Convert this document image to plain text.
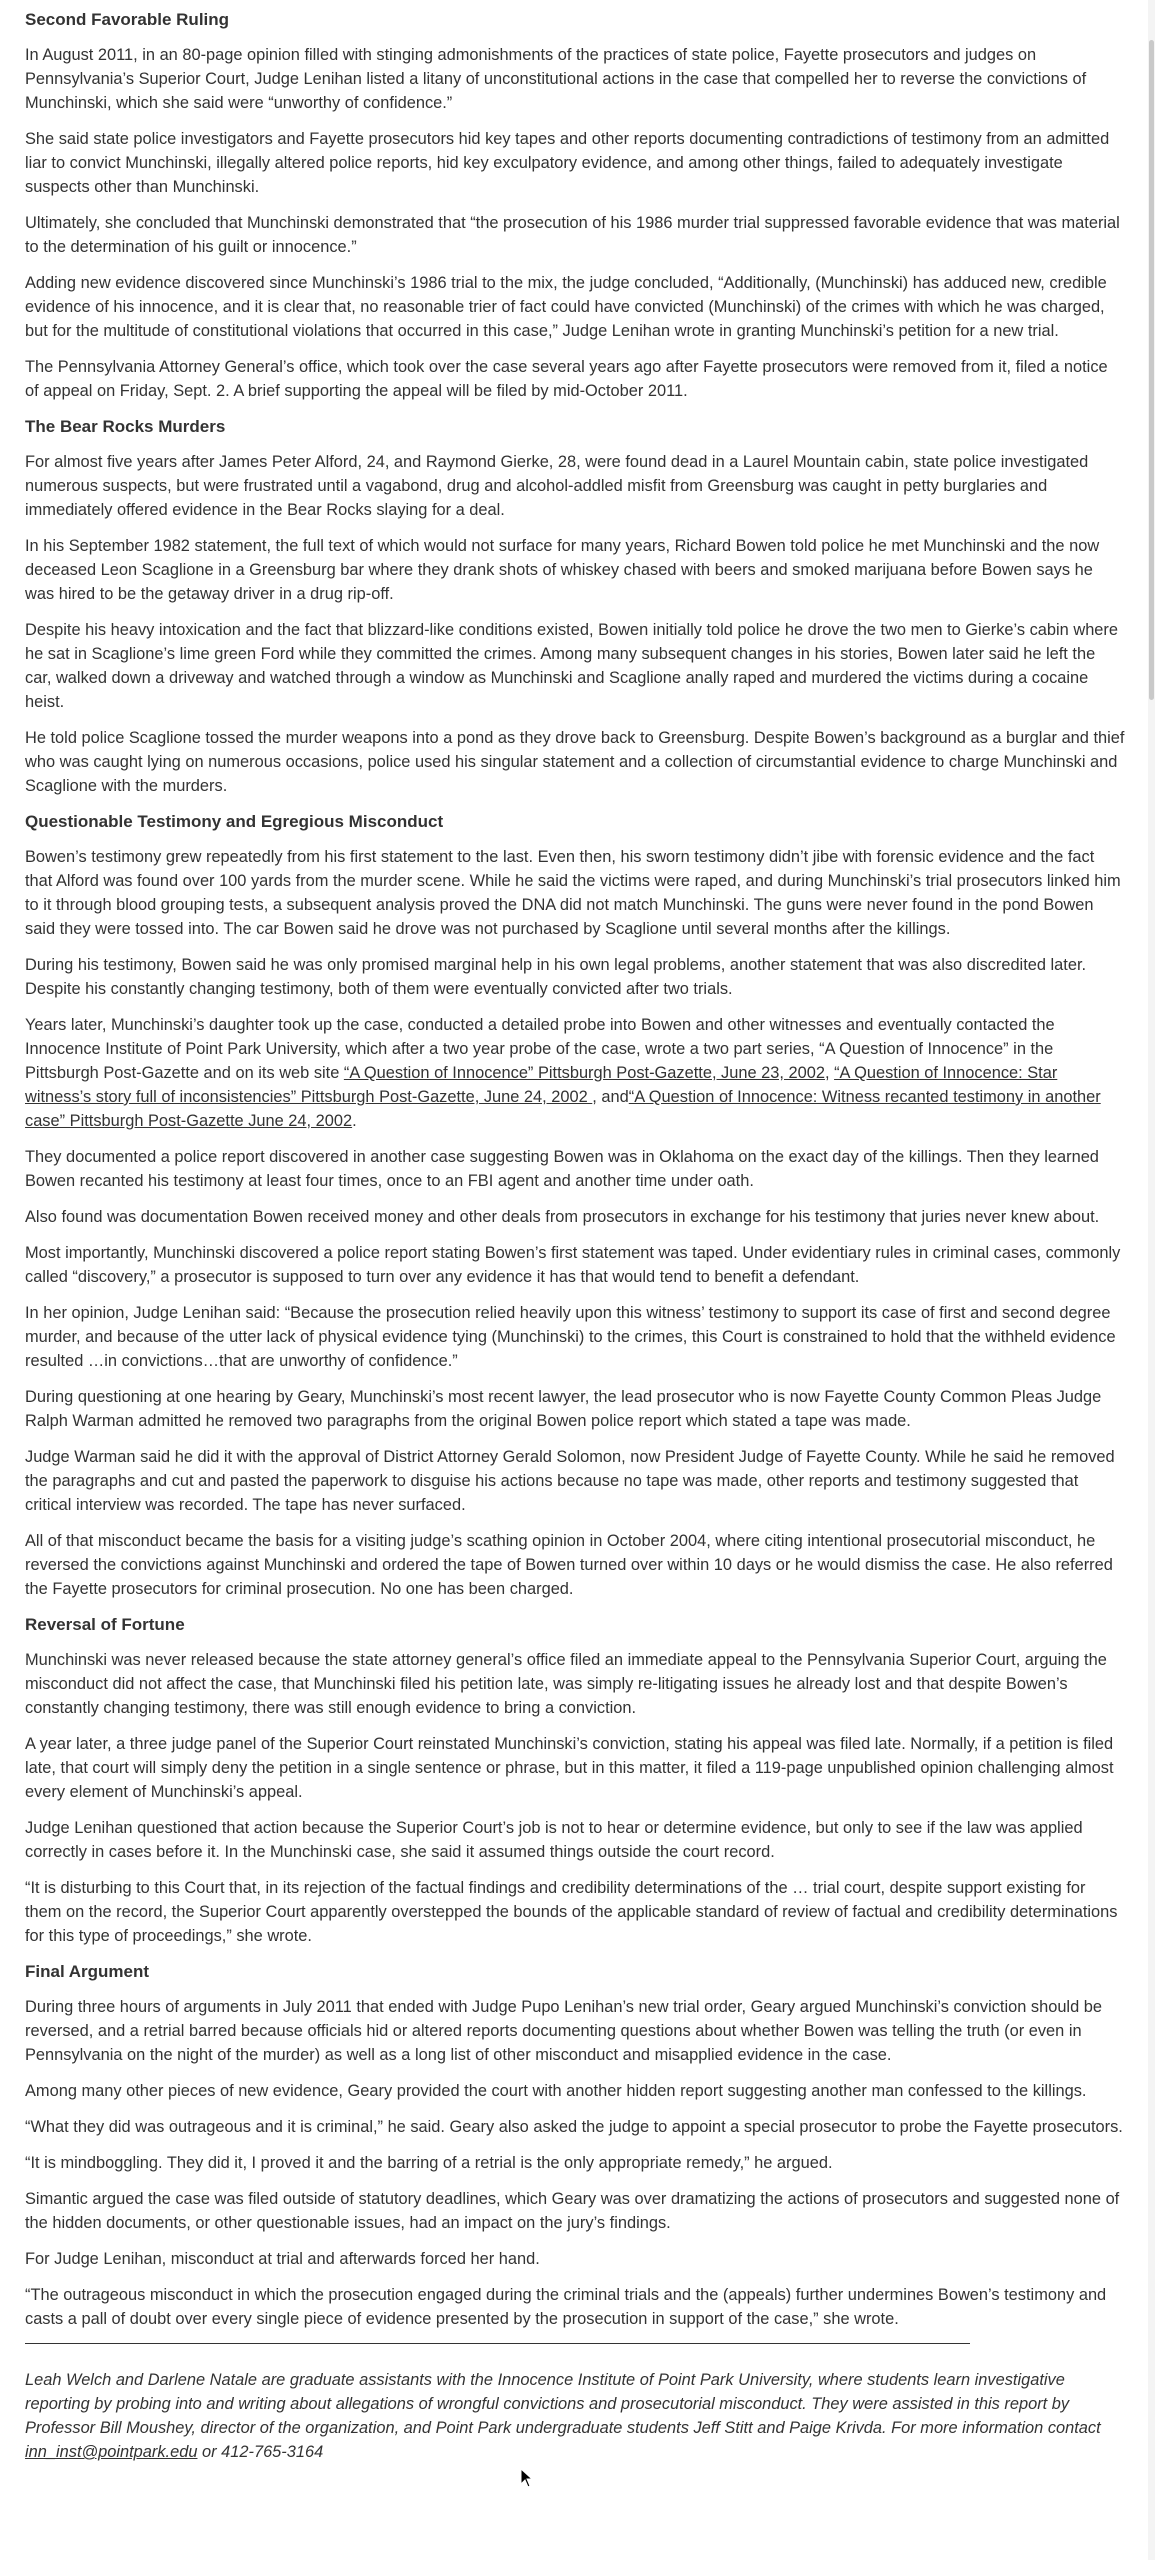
Second Favorable Ruling

In August 2011, in an 80-page opinion filled with stinging admonishments of the practices of state police, Fayette prosecutors and judges on Pennsylvania’s Superior Court, Judge Lenihan listed a litany of unconstitutional actions in the case that compelled her to reverse the convictions of Munchinski, which she said were “unworthy of confidence.”

She said state police investigators and Fayette prosecutors hid key tapes and other reports documenting contradictions of testimony from an admitted liar to convict Munchinski, illegally altered police reports, hid key exculpatory evidence, and among other things, failed to adequately investigate suspects other than Munchinski.

Ultimately, she concluded that Munchinski demonstrated that “the prosecution of his 1986 murder trial suppressed favorable evidence that was material to the determination of his guilt or innocence.”

Adding new evidence discovered since Munchinski’s 1986 trial to the mix, the judge concluded, “Additionally, (Munchinski) has adduced new, credible evidence of his innocence, and it is clear that, no reasonable trier of fact could have convicted (Munchinski) of the crimes with which he was charged, but for the multitude of constitutional violations that occurred in this case,” Judge Lenihan wrote in granting Munchinski’s petition for a new trial.

The Pennsylvania Attorney General’s office, which took over the case several years ago after Fayette prosecutors were removed from it, filed a notice of appeal on Friday, Sept. 2. A brief supporting the appeal will be filed by mid-October 2011.

The Bear Rocks Murders

For almost five years after James Peter Alford, 24, and Raymond Gierke, 28, were found dead in a Laurel Mountain cabin, state police investigated numerous suspects, but were frustrated until a vagabond, drug and alcohol-addled misfit from Greensburg was caught in petty burglaries and immediately offered evidence in the Bear Rocks slaying for a deal.

In his September 1982 statement, the full text of which would not surface for many years, Richard Bowen told police he met Munchinski and the now deceased Leon Scaglione in a Greensburg bar where they drank shots of whiskey chased with beers and smoked marijuana before Bowen says he was hired to be the getaway driver in a drug rip-off.

Despite his heavy intoxication and the fact that blizzard-like conditions existed, Bowen initially told police he drove the two men to Gierke’s cabin where he sat in Scaglione’s lime green Ford while they committed the crimes. Among many subsequent changes in his stories, Bowen later said he left the car, walked down a driveway and watched through a window as Munchinski and Scaglione anally raped and murdered the victims during a cocaine heist.

He told police Scaglione tossed the murder weapons into a pond as they drove back to Greensburg. Despite Bowen’s background as a burglar and thief who was caught lying on numerous occasions, police used his singular statement and a collection of circumstantial evidence to charge Munchinski and Scaglione with the murders.

Questionable Testimony and Egregious Misconduct

Bowen’s testimony grew repeatedly from his first statement to the last. Even then, his sworn testimony didn’t jibe with forensic evidence and the fact that Alford was found over 100 yards from the murder scene. While he said the victims were raped, and during Munchinski’s trial prosecutors linked him to it through blood grouping tests, a subsequent analysis proved the DNA did not match Munchinski. The guns were never found in the pond Bowen said they were tossed into. The car Bowen said he drove was not purchased by Scaglione until several months after the killings.

During his testimony, Bowen said he was only promised marginal help in his own legal problems, another statement that was also discredited later. Despite his constantly changing testimony, both of them were eventually convicted after two trials.

Years later, Munchinski’s daughter took up the case, conducted a detailed probe into Bowen and other witnesses and eventually contacted the Innocence Institute of Point Park University, which after a two year probe of the case, wrote a two part series, “A Question of Innocence” in the Pittsburgh Post-Gazette and on its web site “A Question of Innocence” Pittsburgh Post-Gazette, June 23, 2002, “A Question of Innocence: Star witness’s story full of inconsistencies” Pittsburgh Post-Gazette, June 24, 2002 , and“A Question of Innocence: Witness recanted testimony in another case” Pittsburgh Post-Gazette June 24, 2002.

They documented a police report discovered in another case suggesting Bowen was in Oklahoma on the exact day of the killings. Then they learned Bowen recanted his testimony at least four times, once to an FBI agent and another time under oath.

Also found was documentation Bowen received money and other deals from prosecutors in exchange for his testimony that juries never knew about.

Most importantly, Munchinski discovered a police report stating Bowen’s first statement was taped. Under evidentiary rules in criminal cases, commonly called “discovery,” a prosecutor is supposed to turn over any evidence it has that would tend to benefit a defendant.

In her opinion, Judge Lenihan said: “Because the prosecution relied heavily upon this witness’ testimony to support its case of first and second degree murder, and because of the utter lack of physical evidence tying (Munchinski) to the crimes, this Court is constrained to hold that the withheld evidence resulted …in convictions…that are unworthy of confidence.”

During questioning at one hearing by Geary, Munchinski’s most recent lawyer, the lead prosecutor who is now Fayette County Common Pleas Judge Ralph Warman admitted he removed two paragraphs from the original Bowen police report which stated a tape was made.

Judge Warman said he did it with the approval of District Attorney Gerald Solomon, now President Judge of Fayette County. While he said he removed the paragraphs and cut and pasted the paperwork to disguise his actions because no tape was made, other reports and testimony suggested that critical interview was recorded. The tape has never surfaced.

All of that misconduct became the basis for a visiting judge’s scathing opinion in October 2004, where citing intentional prosecutorial misconduct, he reversed the convictions against Munchinski and ordered the tape of Bowen turned over within 10 days or he would dismiss the case. He also referred the Fayette prosecutors for criminal prosecution. No one has been charged.

Reversal of Fortune

Munchinski was never released because the state attorney general’s office filed an immediate appeal to the Pennsylvania Superior Court, arguing the misconduct did not affect the case, that Munchinski filed his petition late, was simply re-litigating issues he already lost and that despite Bowen’s constantly changing testimony, there was still enough evidence to bring a conviction.

A year later, a three judge panel of the Superior Court reinstated Munchinski’s conviction, stating his appeal was filed late. Normally, if a petition is filed late, that court will simply deny the petition in a single sentence or phrase, but in this matter, it filed a 119-page unpublished opinion challenging almost every element of Munchinski’s appeal.

Judge Lenihan questioned that action because the Superior Court’s job is not to hear or determine evidence, but only to see if the law was applied correctly in cases before it. In the Munchinski case, she said it assumed things outside the court record.

“It is disturbing to this Court that, in its rejection of the factual findings and credibility determinations of the … trial court, despite support existing for them on the record, the Superior Court apparently overstepped the bounds of the applicable standard of review of factual and credibility determinations for this type of proceedings,” she wrote.

Final Argument

During three hours of arguments in July 2011 that ended with Judge Pupo Lenihan’s new trial order, Geary argued Munchinski’s conviction should be reversed, and a retrial barred because officials hid or altered reports documenting questions about whether Bowen was telling the truth (or even in Pennsylvania on the night of the murder) as well as a long list of other misconduct and misapplied evidence in the case.

Among many other pieces of new evidence, Geary provided the court with another hidden report suggesting another man confessed to the killings.

“What they did was outrageous and it is criminal,” he said. Geary also asked the judge to appoint a special prosecutor to probe the Fayette prosecutors.

“It is mindboggling. They did it, I proved it and the barring of a retrial is the only appropriate remedy,” he argued.

Simantic argued the case was filed outside of statutory deadlines, which Geary was over dramatizing the actions of prosecutors and suggested none of the hidden documents, or other questionable issues, had an impact on the jury’s findings.

For Judge Lenihan, misconduct at trial and afterwards forced her hand.

“The outrageous misconduct in which the prosecution engaged during the criminal trials and the (appeals) further undermines Bowen’s testimony and casts a pall of doubt over every single piece of evidence presented by the prosecution in support of the case,” she wrote.

Leah Welch and Darlene Natale are graduate assistants with the Innocence Institute of Point Park University, where students learn investigative reporting by probing into and writing about allegations of wrongful convictions and prosecutorial misconduct. They were assisted in this report by Professor Bill Moushey, director of the organization, and Point Park undergraduate students Jeff Stitt and Paige Krivda. For more information contact inn_inst@pointpark.edu or 412-765-3164
